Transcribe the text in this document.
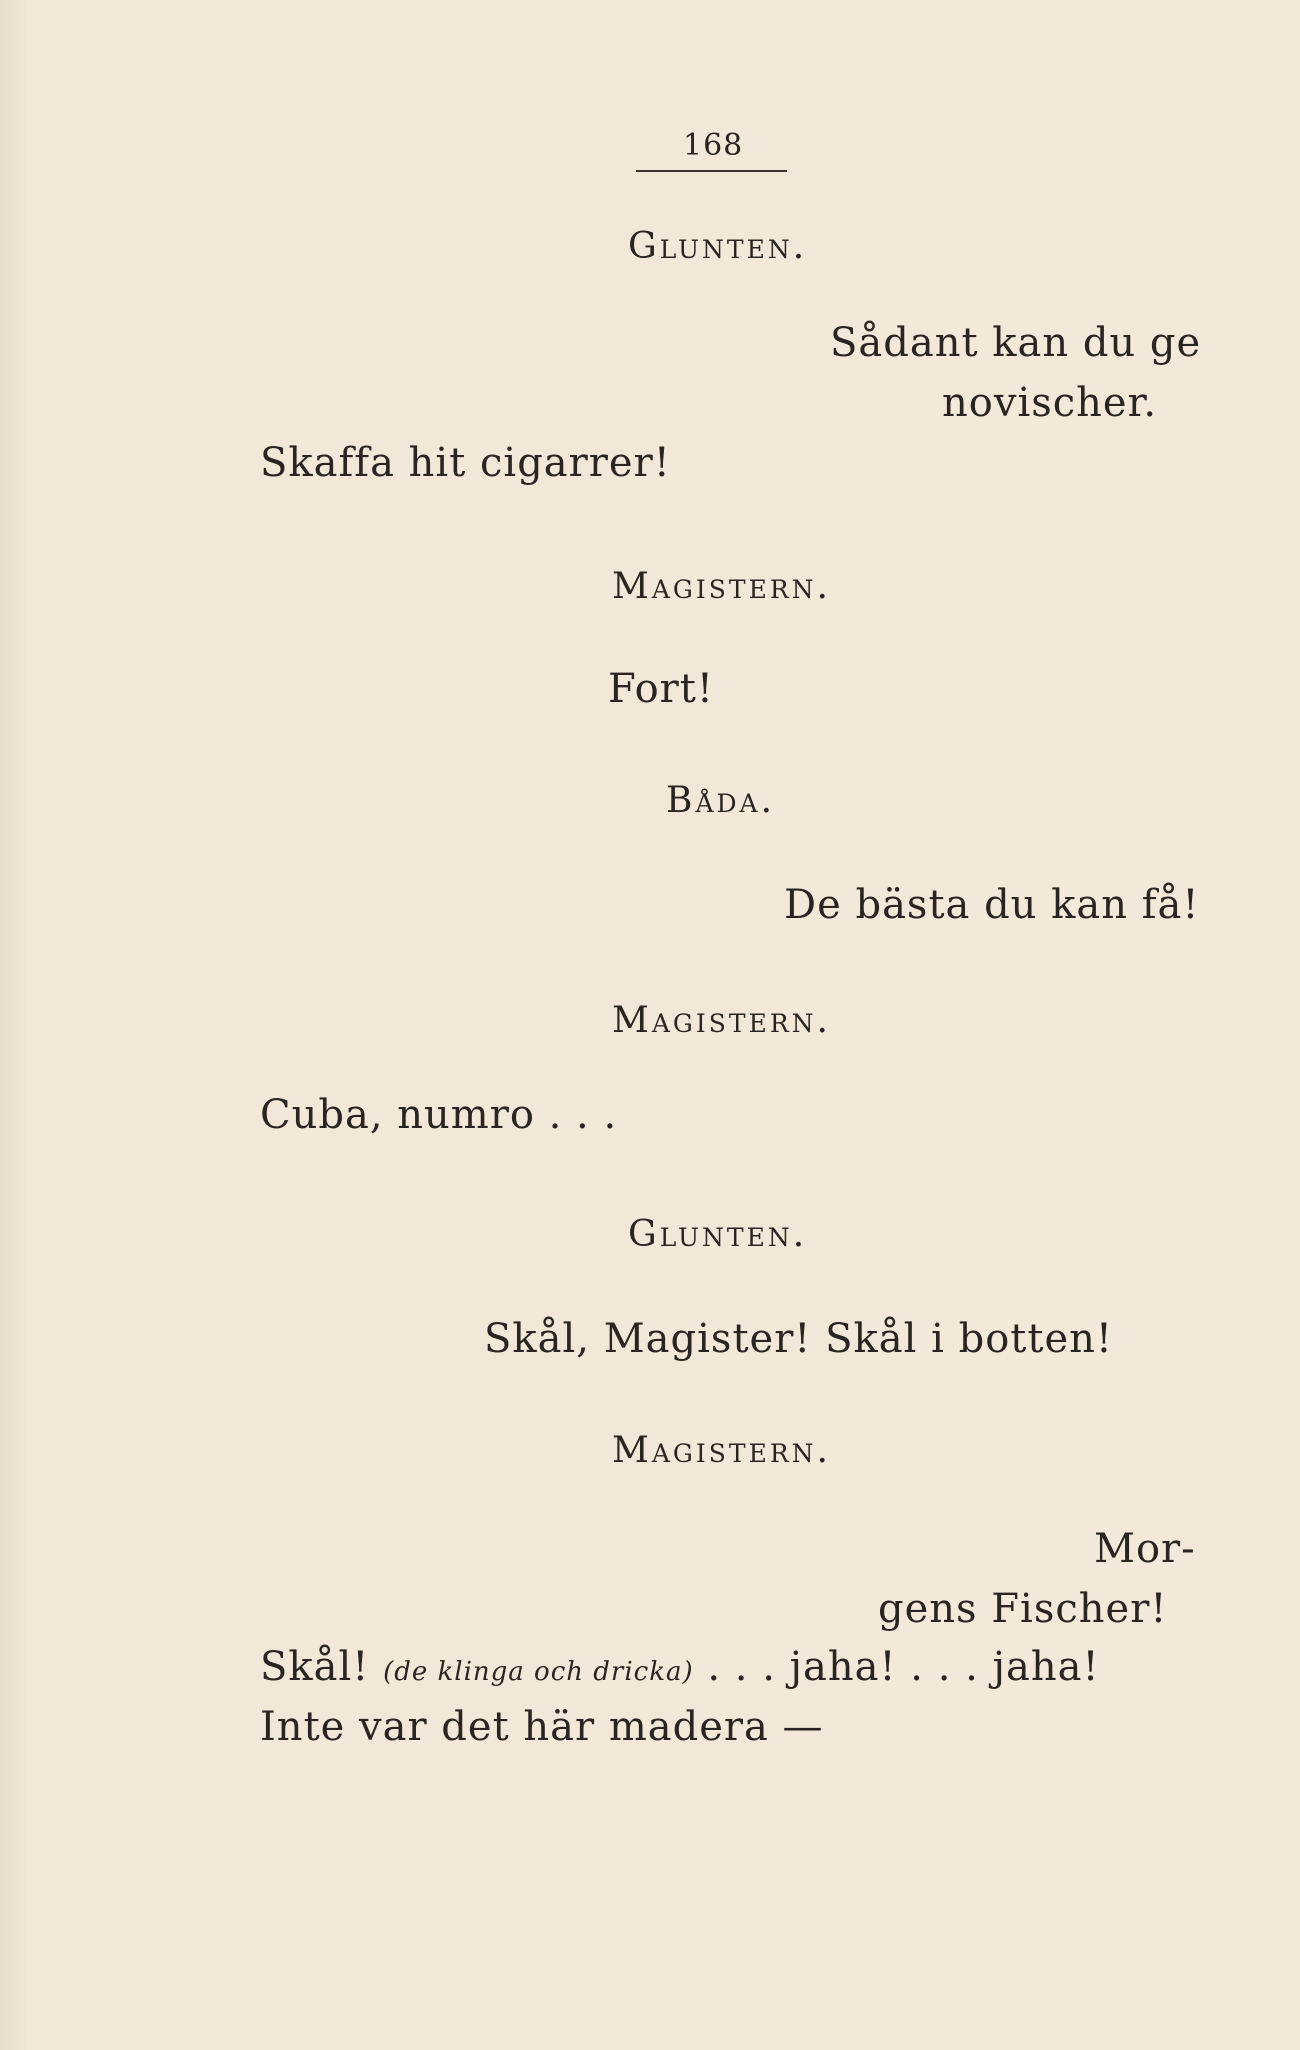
168
Glunten.
Sådant kan du ge
novischer.
Skaffa hit cigarrer!
Magistern.
Fort!
Båda.
De bästa du kan få!
Magistern.
Cuba, numro . . .
Glunten.
Skål, Magister! Skål i botten!
Magistern.
Mor-
gens Fischer!
Skål! (de klinga och dricka) . . . jaha! . . . jaha!
Inte var det här madera —
